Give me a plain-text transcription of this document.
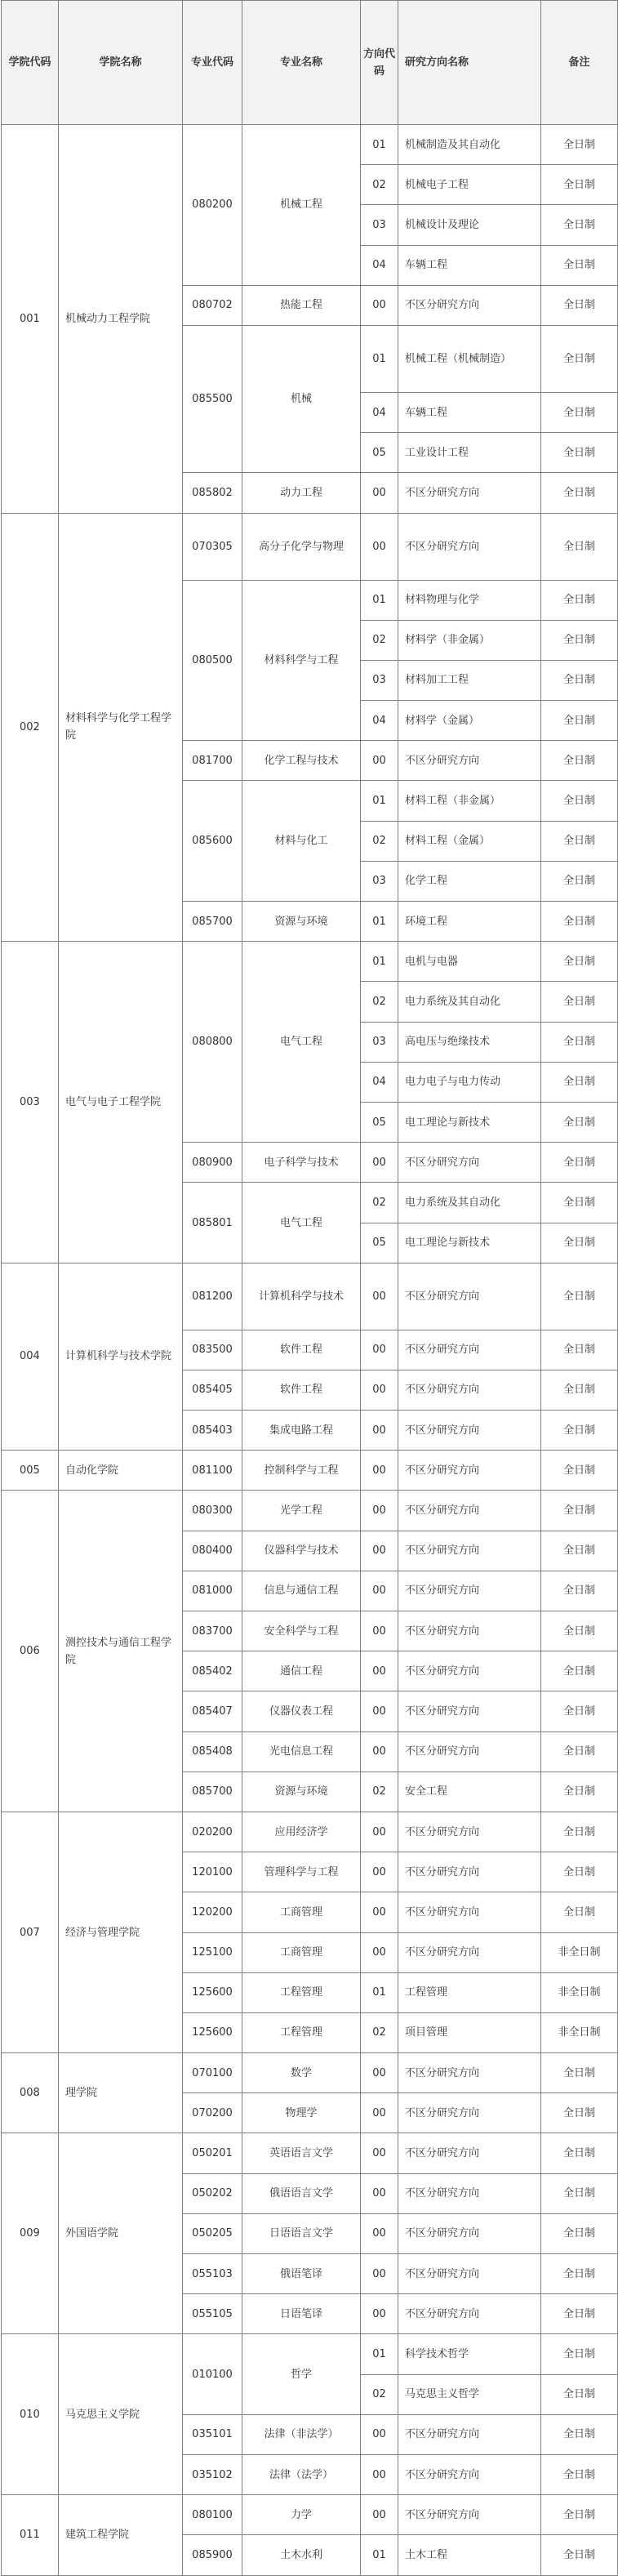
学院代码	学院名称	专业代码	专业名称	方向代码	研究方向名称	备注
001	机械动力工程学院	080200	机械工程	01	机械制造及其自动化	全日制
				02	机械电子工程	全日制
				03	机械设计及理论	全日制
				04	车辆工程	全日制
		080702	热能工程	00	不区分研究方向	全日制
		085500	机械	01	机械工程（机械制造）	全日制
				04	车辆工程	全日制
				05	工业设计工程	全日制
		085802	动力工程	00	不区分研究方向	全日制
002	材料科学与化学工程学院	070305	高分子化学与物理	00	不区分研究方向	全日制
		080500	材料科学与工程	01	材料物理与化学	全日制
				02	材料学（非金属）	全日制
				03	材料加工工程	全日制
				04	材料学（金属）	全日制
		081700	化学工程与技术	00	不区分研究方向	全日制
		085600	材料与化工	01	材料工程（非金属）	全日制
				02	材料工程（金属）	全日制
				03	化学工程	全日制
		085700	资源与环境	01	环境工程	全日制
003	电气与电子工程学院	080800	电气工程	01	电机与电器	全日制
				02	电力系统及其自动化	全日制
				03	高电压与绝缘技术	全日制
				04	电力电子与电力传动	全日制
				05	电工理论与新技术	全日制
		080900	电子科学与技术	00	不区分研究方向	全日制
		085801	电气工程	02	电力系统及其自动化	全日制
				05	电工理论与新技术	全日制
004	计算机科学与技术学院	081200	计算机科学与技术	00	不区分研究方向	全日制
		083500	软件工程	00	不区分研究方向	全日制
		085405	软件工程	00	不区分研究方向	全日制
		085403	集成电路工程	00	不区分研究方向	全日制
005	自动化学院	081100	控制科学与工程	00	不区分研究方向	全日制
006	测控技术与通信工程学院	080300	光学工程	00	不区分研究方向	全日制
		080400	仪器科学与技术	00	不区分研究方向	全日制
		081000	信息与通信工程	00	不区分研究方向	全日制
		083700	安全科学与工程	00	不区分研究方向	全日制
		085402	通信工程	00	不区分研究方向	全日制
		085407	仪器仪表工程	00	不区分研究方向	全日制
		085408	光电信息工程	00	不区分研究方向	全日制
		085700	资源与环境	02	安全工程	全日制
007	经济与管理学院	020200	应用经济学	00	不区分研究方向	全日制
		120100	管理科学与工程	00	不区分研究方向	全日制
		120200	工商管理	00	不区分研究方向	全日制
		125100	工商管理	00	不区分研究方向	非全日制
		125600	工程管理	01	工程管理	非全日制
		125600	工程管理	02	项目管理	非全日制
008	理学院	070100	数学	00	不区分研究方向	全日制
		070200	物理学	00	不区分研究方向	全日制
009	外国语学院	050201	英语语言文学	00	不区分研究方向	全日制
		050202	俄语语言文学	00	不区分研究方向	全日制
		050205	日语语言文学	00	不区分研究方向	全日制
		055103	俄语笔译	00	不区分研究方向	全日制
		055105	日语笔译	00	不区分研究方向	全日制
010	马克思主义学院	010100	哲学	01	科学技术哲学	全日制
				02	马克思主义哲学	全日制
		035101	法律（非法学）	00	不区分研究方向	全日制
		035102	法律（法学）	00	不区分研究方向	全日制
011	建筑工程学院	080100	力学	00	不区分研究方向	全日制
		085900	土木水利	01	土木工程	全日制
